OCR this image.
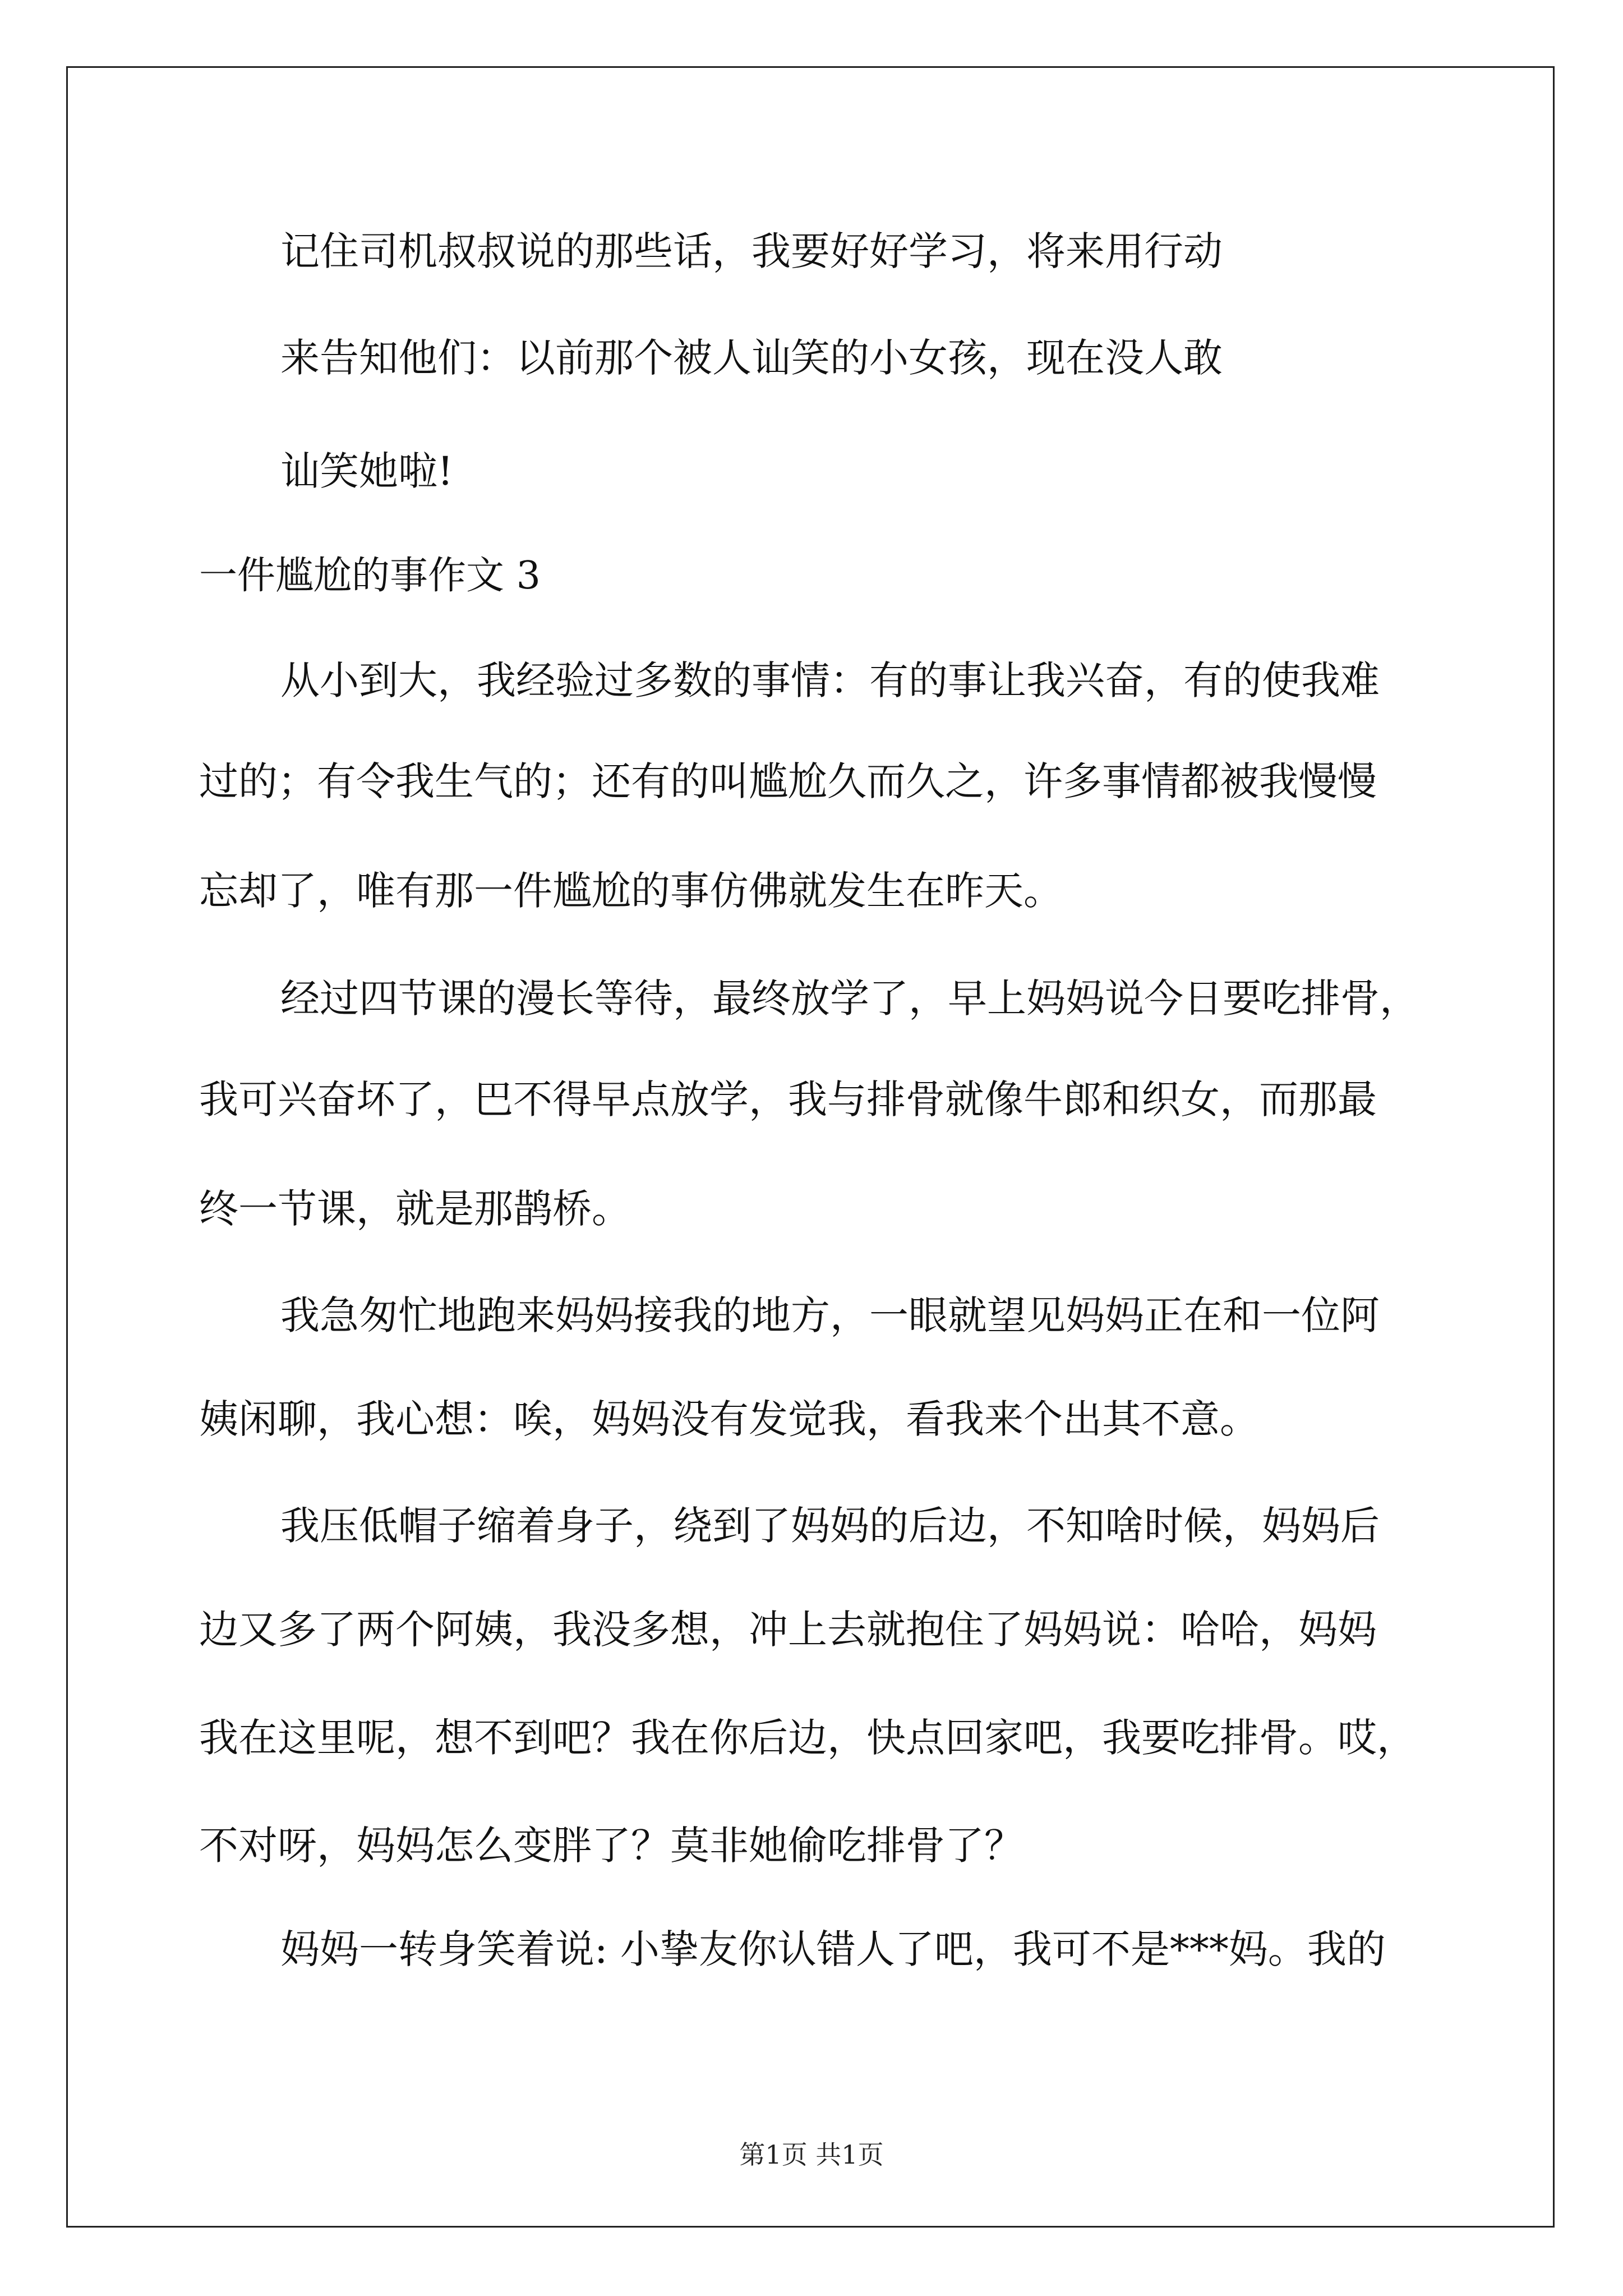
记住司机叔叔说的那些话，我要好好学习，将来用行动
来告知他们：以前那个被人讪笑的小女孩，现在没人敢
讪笑她啦!
一件尴尬的事作文 3
从小到大，我经验过多数的事情：有的事让我兴奋，有的使我难
过的；有令我生气的；还有的叫尴尬久而久之，许多事情都被我慢慢
忘却了，唯有那一件尴尬的事仿佛就发生在昨天。
经过四节课的漫长等待，最终放学了，早上妈妈说今日要吃排骨，
我可兴奋坏了，巴不得早点放学，我与排骨就像牛郎和织女，而那最
终一节课，就是那鹊桥。
我急匆忙地跑来妈妈接我的地方，一眼就望见妈妈正在和一位阿
姨闲聊，我心想：唉，妈妈没有发觉我，看我来个出其不意。
我压低帽子缩着身子，绕到了妈妈的后边，不知啥时候，妈妈后
边又多了两个阿姨，我没多想，冲上去就抱住了妈妈说：哈哈，妈妈
我在这里呢，想不到吧？我在你后边，快点回家吧，我要吃排骨。哎，
不对呀，妈妈怎么变胖了？莫非她偷吃排骨了？
妈妈一转身笑着说: 小挚友你认错人了吧，我可不是***妈。我的
第1页 共1页
